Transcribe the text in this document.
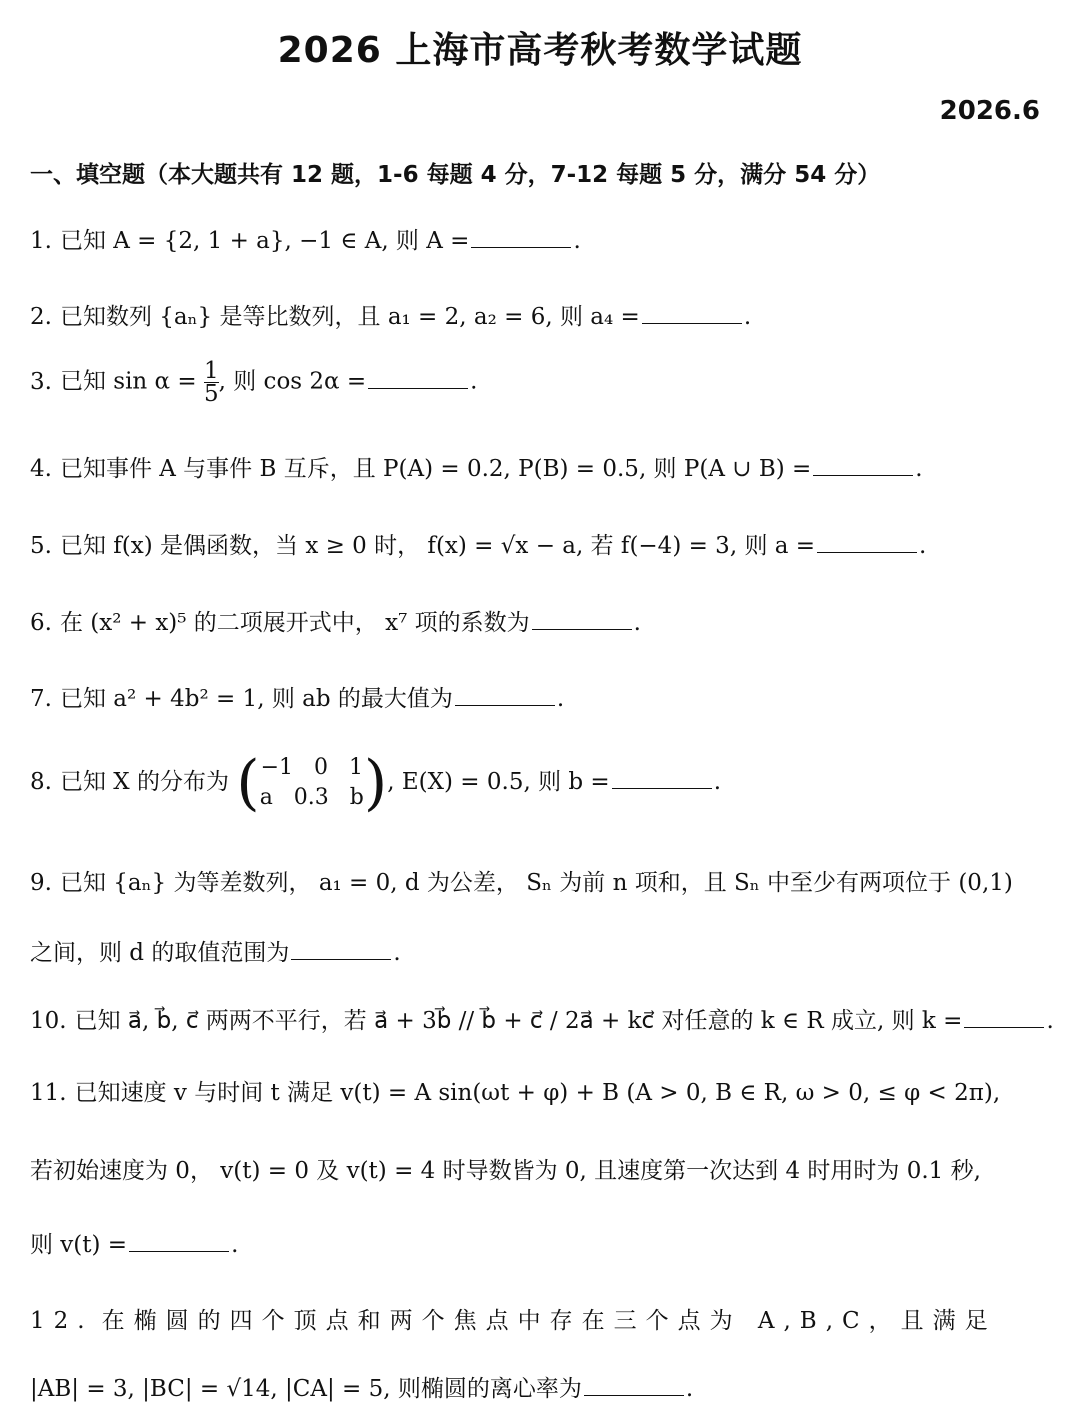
2026 上海市高考秋考数学试题
2026.6
一、填空题（本大题共有 12 题，1-6 每题 4 分，7-12 每题 5 分，满分 54 分）
1. 已知 A = {2, 1 + a}, −1 ∈ A, 则 A =	.
2. 已知数列 {aₙ} 是等比数列，且 a₁ = 2, a₂ = 6, 则 a₄ =	.
3. 已知 $\sin \alpha = \frac{1}{5}$ , 则 cos 2α =	.
4. 已知事件 A 与事件 B 互斥，且 P(A) = 0.2, P(B) = 0.5, 则 P(A ∪ B) =	.
5. 已知 f(x) 是偶函数，当 x ≥ 0 时， f(x) = √x − a, 若 f(−4) = 3, 则 a =	.
6. 在 (x² + x)⁵ 的二项展开式中， x⁷ 项的系数为	.
7. 已知 a² + 4b² = 1, 则 ab 的最大值为	.
8. 已知 X 的分布为 ( −1   0   1
a   0.3   b ), E(X) = 0.5, 则 b =	.
9. 已知 {aₙ} 为等差数列， a₁ = 0, d 为公差， Sₙ 为前 n 项和，且 Sₙ 中至少有两项位于 (0,1)
之间，则 d 的取值范围为	.
10. 已知 a⃗, b⃗, c⃗ 两两不平行，若 a⃗ + 3b⃗ // b⃗ + c⃗ / 2a⃗ + kc⃗ 对任意的 k ∈ R 成立, 则 k =	.
11. 已知速度 v 与时间 t 满足 v(t) = A sin(ωt + φ) + B (A > 0, B ∈ R, ω > 0, ≤ φ < 2π),
若初始速度为 0， v(t) = 0 及 v(t) = 4 时导数皆为 0, 且速度第一次达到 4 时用时为 0.1 秒,
则 v(t) =	.
12. 在椭圆的四个顶点和两个焦点中存在三个点为 A,B,C，且满足
|AB| = 3, |BC| = √14, |CA| = 5, 则椭圆的离心率为	.
